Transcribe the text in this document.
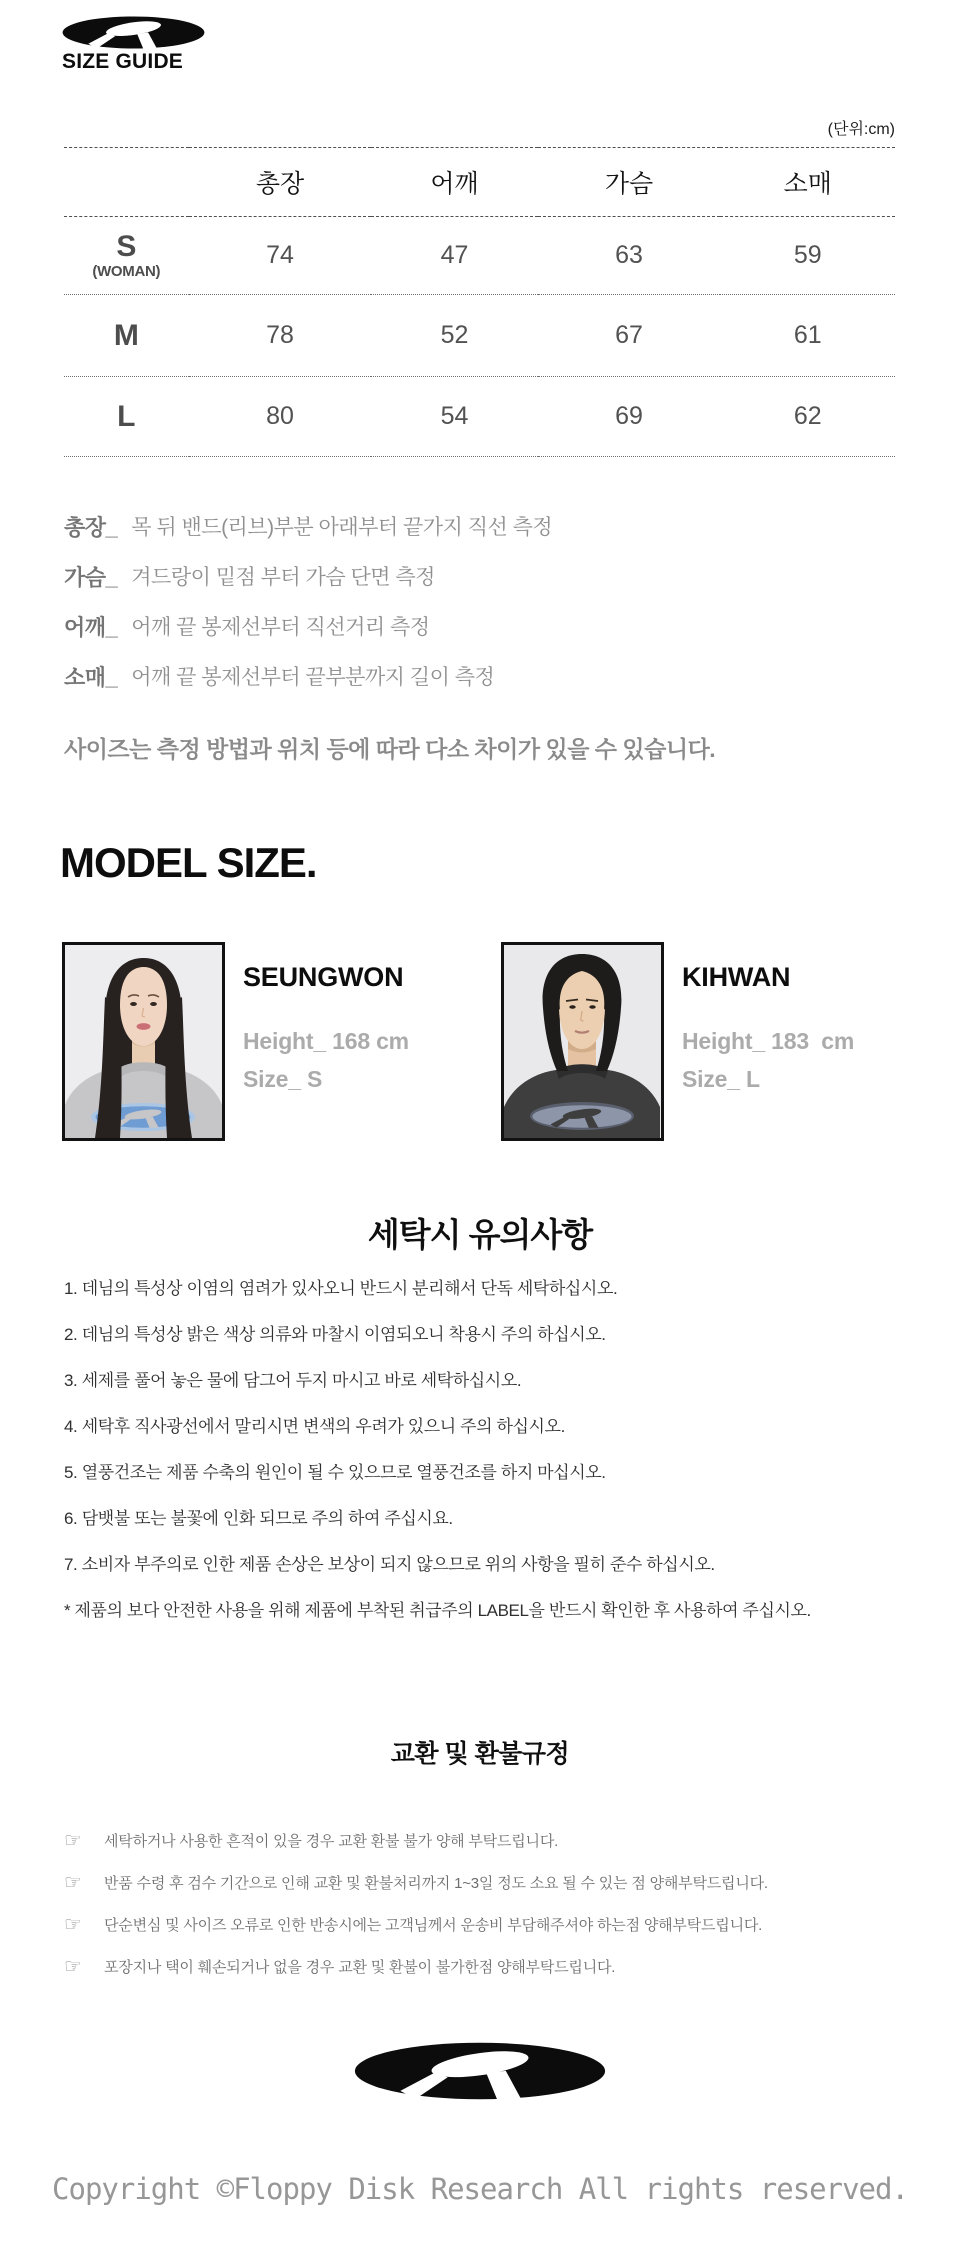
SIZE GUIDE
(단위:cm)
	총장	어깨	가슴	소매

S
(WOMAN)	74	47	63	59

M	78	52	67	61

L	80	54	69	62
총장_ 목 뒤 밴드(리브)부분 아래부터 끝가지 직선 측정
가슴_ 겨드랑이 밑점 부터 가슴 단면 측정
어깨_ 어깨 끝 봉제선부터 직선거리 측정
소매_ 어깨 끝 봉제선부터 끝부분까지 길이 측정
사이즈는 측정 방법과 위치 등에 따라 다소 차이가 있을 수 있습니다.
MODEL SIZE.
SEUNGWON
Height_ 168 cm
Size_ S
KIHWAN
Height_ 183  cm
Size_ L
세탁시 유의사항
1. 데님의 특성상 이염의 염려가 있사오니 반드시 분리해서 단독 세탁하십시오.
2. 데님의 특성상 밝은 색상 의류와 마찰시 이염되오니 착용시 주의 하십시오.
3. 세제를 풀어 놓은 물에 담그어 두지 마시고 바로 세탁하십시오.
4. 세탁후 직사광선에서 말리시면 변색의 우려가 있으니 주의 하십시오.
5. 열풍건조는 제품 수축의 원인이 될 수 있으므로 열풍건조를 하지 마십시오.
6. 담뱃불 또는 불꽃에 인화 되므로 주의 하여 주십시요.
7. 소비자 부주의로 인한 제품 손상은 보상이 되지 않으므로 위의 사항을 필히 준수 하십시오.
* 제품의 보다 안전한 사용을 위해 제품에 부착된 취급주의 LABEL을 반드시 확인한 후 사용하여 주십시오.
교환 및 환불규정
☞	세탁하거나 사용한 흔적이 있을 경우 교환 환불 불가 양해 부탁드립니다.
☞	반품 수령 후 검수 기간으로 인해 교환 및 환불처리까지 1~3일 정도 소요 될 수 있는 점 양해부탁드립니다.
☞	단순변심 및 사이즈 오류로 인한 반송시에는 고객님께서 운송비 부담해주셔야 하는점 양해부탁드립니다.
☞	포장지나 택이 훼손되거나 없을 경우 교환 및 환불이 불가한점 양해부탁드립니다.
Copyright ©Floppy Disk Research All rights reserved.
